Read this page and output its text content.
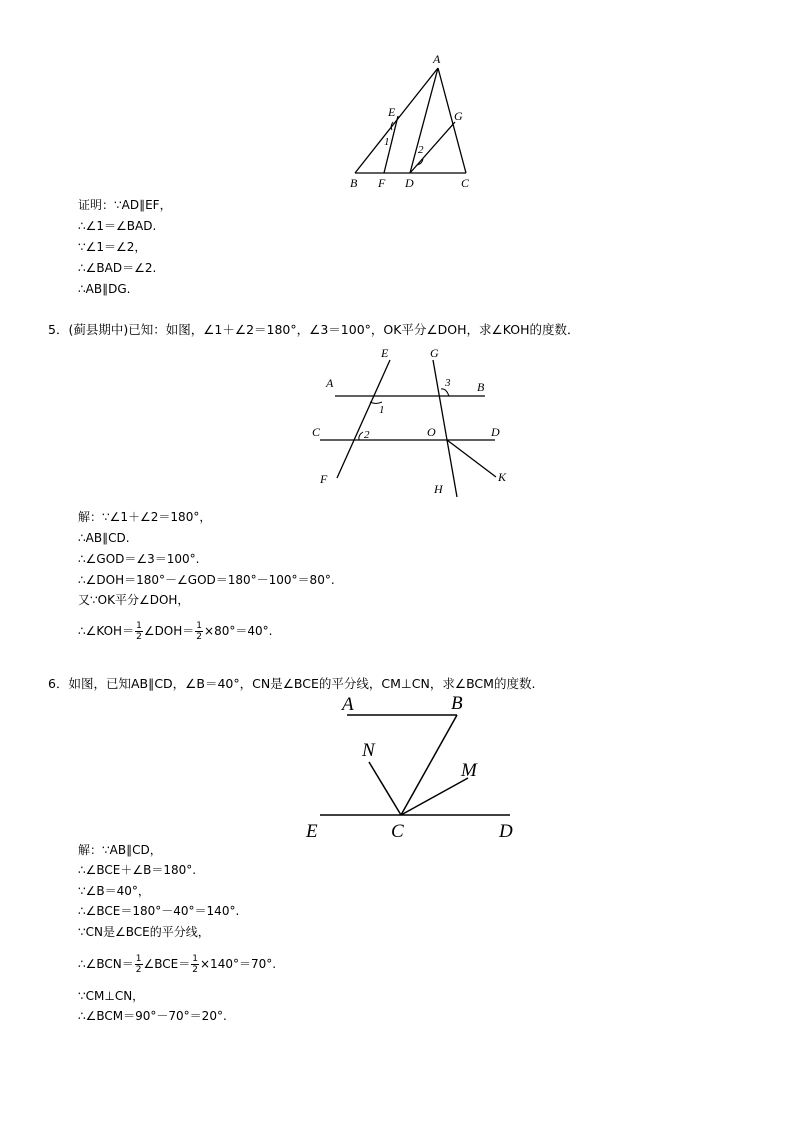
A
E	G
1
2
B F D	C
证明：∵AD∥EF，
∴∠1＝∠BAD.
∵∠1＝∠2，
∴∠BAD＝∠2.
∴AB∥DG.
5．(蓟县期中)已知：如图，∠1＋∠2＝180°，∠3＝100°，OK平分∠DOH，求∠KOH的度数．
E	G
A	3 B
1
C	2	O	D
F	K
H
解：∵∠1＋∠2＝180°，
∴AB∥CD.
∴∠GOD＝∠3＝100°.
∴∠DOH＝180°－∠GOD＝180°－100°＝80°.
又∵OK平分∠DOH，
∴∠KOH＝ $\frac{1}{2}$ ∠DOH＝ $\frac{1}{2} \times 80^\circ=40^\circ$.
6．如图，已知AB∥CD，∠B＝40°，CN是∠BCE的平分线，CM⊥CN，求∠BCM的度数.
A	B
N
M
E	C	D
解：∵AB∥CD，
∴∠BCE＋∠B＝180°.
∵∠B＝40°，
∴∠BCE＝180°－40°＝140°.
∵CN是∠BCE的平分线，
∴∠BCN＝ $\frac{1}{2}$ ∠BCE＝ $\frac{1}{2} \times 140^\circ=70^\circ$.
∵CM⊥CN，
∴∠BCM＝90°－70°＝20°.
